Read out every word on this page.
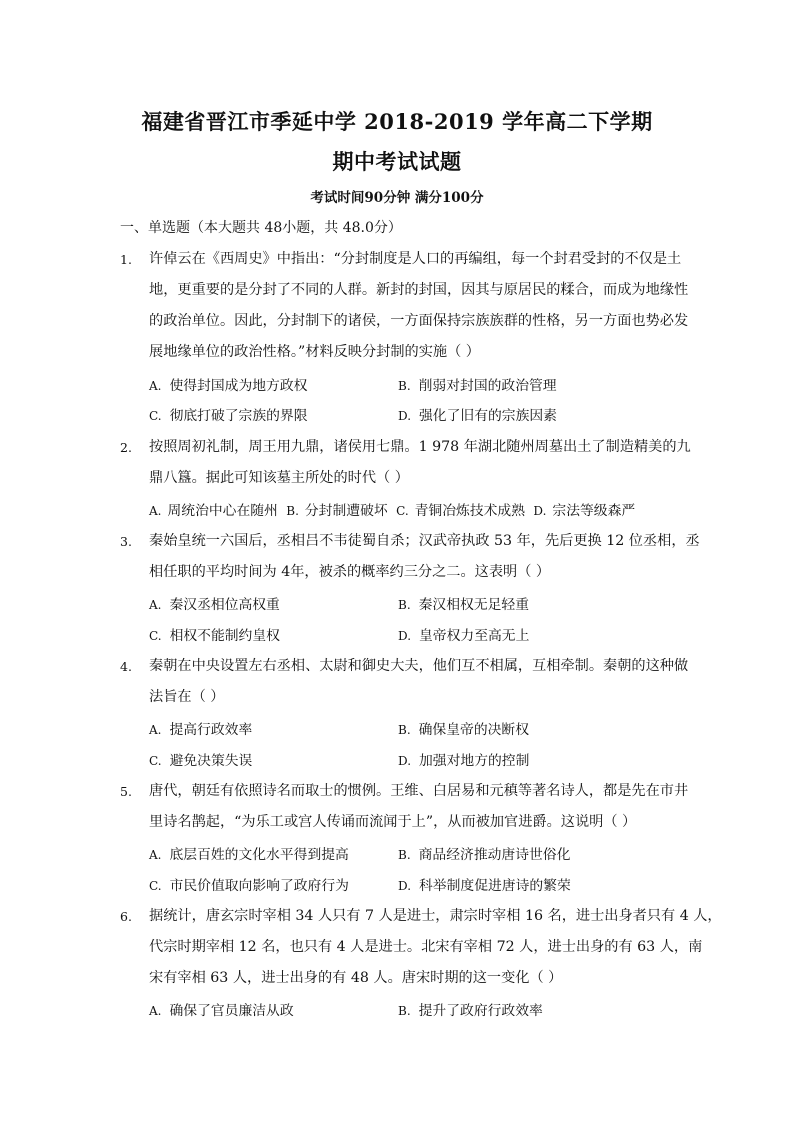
福建省晋江市季延中学 2018-2019 学年高二下学期
期中考试试题
考试时间90分钟 满分100分
一、单选题（本大题共 48小题，共 48.0分）
1. 许倬云在《西周史》中指出：“分封制度是人口的再编组，每一个封君受封的不仅是土
地，更重要的是分封了不同的人群。新封的封国，因其与原居民的糅合，而成为地缘性
的政治单位。因此，分封制下的诸侯，一方面保持宗族族群的性格，另一方面也势必发
展地缘单位的政治性格。”材料反映分封制的实施（ ）
A. 使得封国成为地方政权	B. 削弱对封国的政治管理
C. 彻底打破了宗族的界限	D. 强化了旧有的宗族因素
2. 按照周初礼制，周王用九鼎，诸侯用七鼎。1 978 年湖北随州周墓出土了制造精美的九
鼎八簋。据此可知该墓主所处的时代（ ）
A. 周统治中心在随州 B. 分封制遭破坏 C. 青铜冶炼技术成熟 D. 宗法等级森严
3. 秦始皇统一六国后，丞相吕不韦徒蜀自杀；汉武帝执政 53 年，先后更换 12 位丞相，丞
相任职的平均时间为 4年，被杀的概率约三分之二。这表明（ ）
A. 秦汉丞相位高权重	B. 秦汉相权无足轻重
C. 相权不能制约皇权	D. 皇帝权力至高无上
4. 秦朝在中央设置左右丞相、太尉和御史大夫，他们互不相属，互相牵制。秦朝的这种做
法旨在（ ）
A. 提高行政效率	B. 确保皇帝的决断权
C. 避免决策失误	D. 加强对地方的控制
5. 唐代，朝廷有依照诗名而取士的惯例。王维、白居易和元稹等著名诗人，都是先在市井
里诗名鹊起，“为乐工或宫人传诵而流闻于上”，从而被加官进爵。这说明（ ）
A. 底层百姓的文化水平得到提高	B. 商品经济推动唐诗世俗化
C. 市民价值取向影响了政府行为	D. 科举制度促进唐诗的繁荣
6. 据统计，唐玄宗时宰相 34 人只有 7 人是进士，肃宗时宰相 16 名，进士出身者只有 4 人，
代宗时期宰相 12 名，也只有 4 人是进士。北宋有宰相 72 人，进士出身的有 63 人，南
宋有宰相 63 人，进士出身的有 48 人。唐宋时期的这一变化（ ）
A. 确保了官员廉洁从政	B. 提升了政府行政效率
